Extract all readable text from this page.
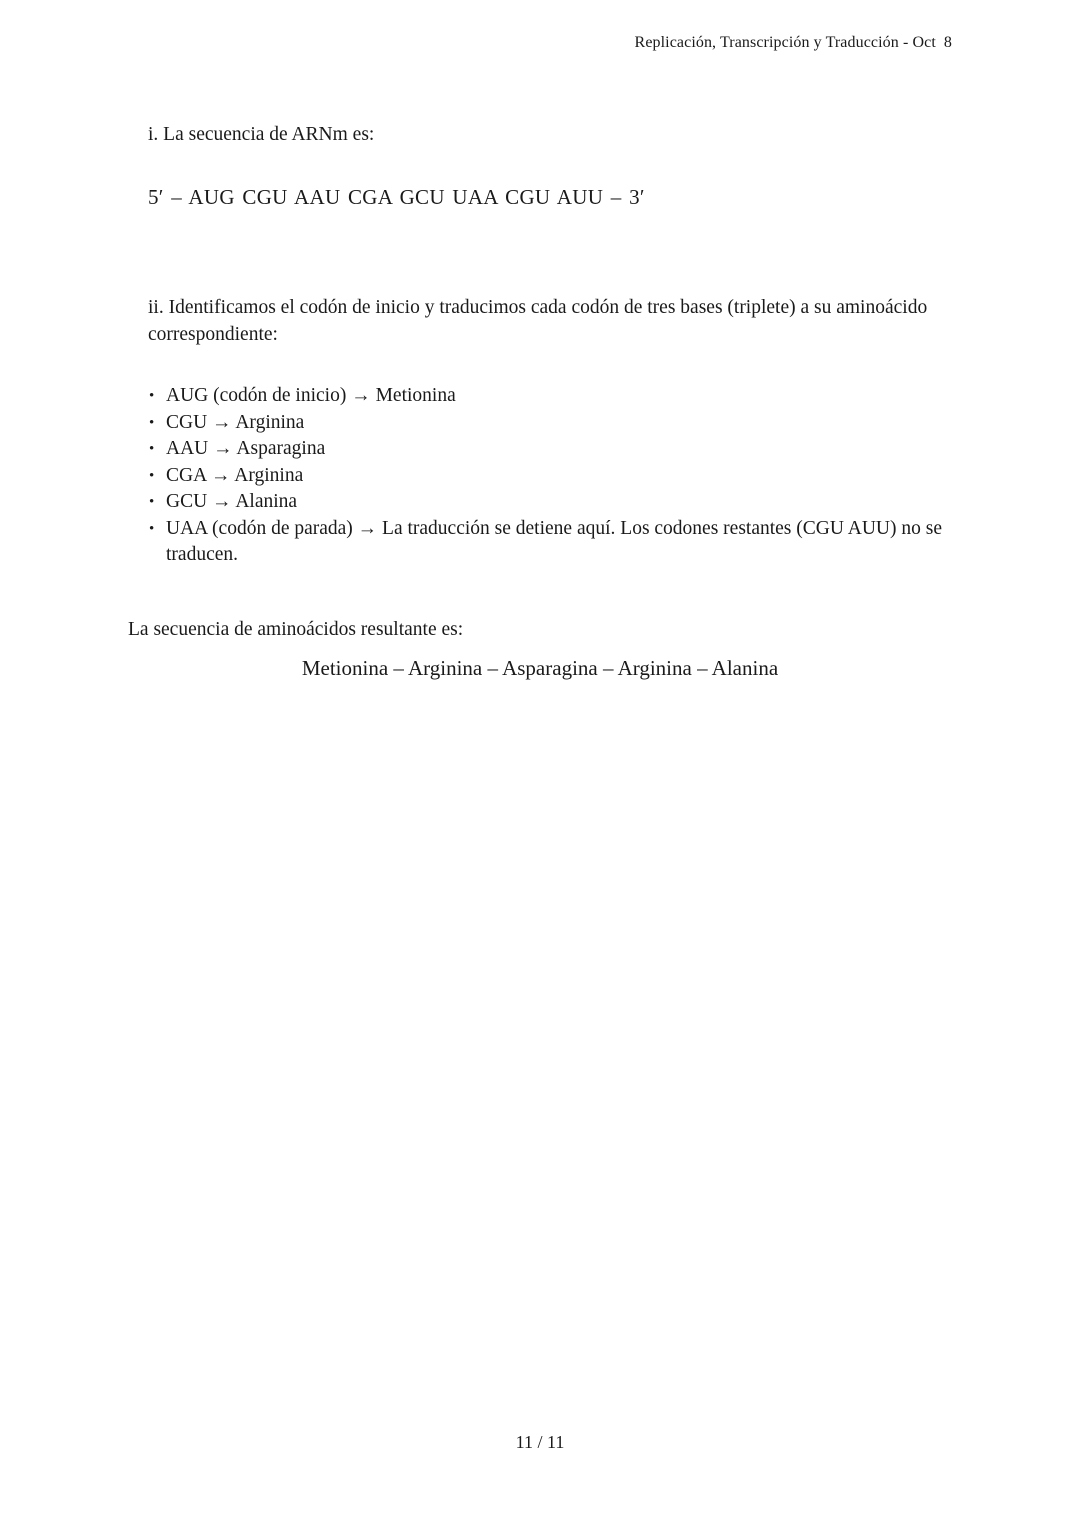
Replicación, Transcripción y Traducción - Oct 8
i. La secuencia de ARNm es:
5′ – AUG CGU AAU CGA GCU UAA CGU AUU – 3′
ii. Identificamos el codón de inicio y traducimos cada codón de tres bases (triplete) a su aminoácido correspondiente:
• AUG (codón de inicio) → Metionina
• CGU → Arginina
• AAU → Asparagina
• CGA → Arginina
• GCU → Alanina
• UAA (codón de parada) → La traducción se detiene aquí. Los codones restantes (CGU AUU) no se traducen.
La secuencia de aminoácidos resultante es:
Metionina – Arginina – Asparagina – Arginina – Alanina
11 / 11
